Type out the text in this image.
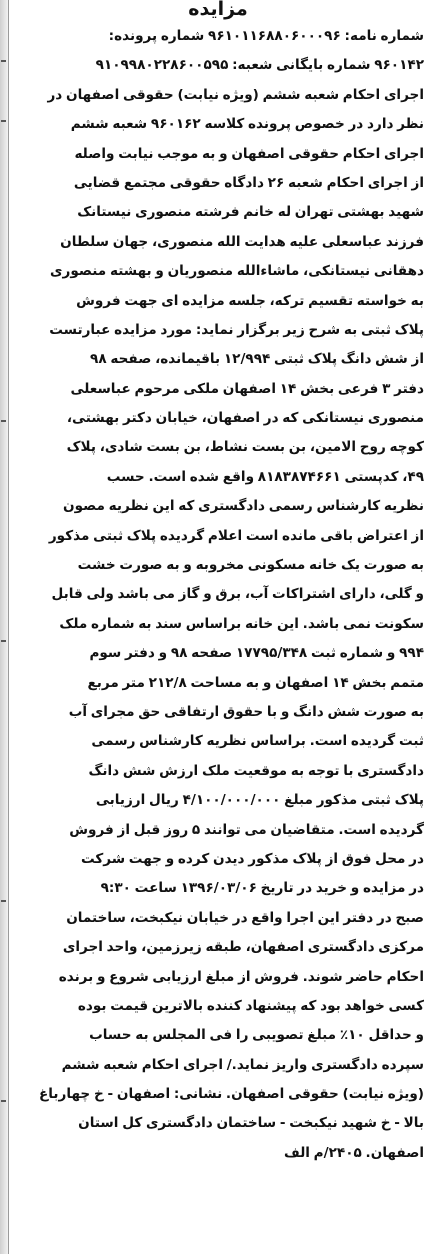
مزایده
شماره نامه: ۹۶۱۰۱۱۶۸۸۰۶۰۰۰۹۶ شماره پرونده:
۹۶۰۱۴۲ شماره بایگانی شعبه: ۹۱۰۹۹۸۰۲۲۸۶۰۰۵۹۵
اجرای احکام شعبه ششم (ویژه نیابت) حقوقی اصفهان در
نظر دارد در خصوص پرونده کلاسه ۹۶۰۱۶۲ شعبه ششم
اجرای احکام حقوقی اصفهان و به موجب نیابت واصله
از اجرای احکام شعبه ۲۶ دادگاه حقوقی مجتمع قضایی
شهید بهشتی تهران له خانم فرشته منصوری نیستانک
فرزند عباسعلی علیه هدایت الله منصوری، جهان سلطان
دهقانی نیستانکی، ماشاءالله منصوریان و بهشته منصوری
به خواسته تقسیم ترکه، جلسه مزایده ای جهت فروش
پلاک ثبتی به شرح زیر برگزار نماید: مورد مزایده عبارتست
از شش دانگ پلاک ثبتی ۱۲/۹۹۴ باقیمانده، صفحه ۹۸
دفتر ۳ فرعی بخش ۱۴ اصفهان ملکی مرحوم عباسعلی
منصوری نیستانکی که در اصفهان، خیابان دکتر بهشتی،
کوچه روح الامین، بن بست نشاط، بن بست شادی، پلاک
۴۹، کدپستی ۸۱۸۳۸۷۴۶۶۱ واقع شده است. حسب
نظریه کارشناس رسمی دادگستری که این نظریه مصون
از اعتراض باقی مانده است اعلام گردیده پلاک ثبتی مذکور
به صورت یک خانه مسکونی مخروبه و به صورت خشت
و گلی، دارای اشتراکات آب، برق و گاز می باشد ولی قابل
سکونت نمی باشد. این خانه براساس سند به شماره ملک
۹۹۴ و شماره ثبت ۱۷۷۹۵/۳۴۸ صفحه ۹۸ و دفتر سوم
متمم بخش ۱۴ اصفهان و به مساحت ۲۱۲/۸ متر مربع
به صورت شش دانگ و با حقوق ارتفاقی حق مجرای آب
ثبت گردیده است. براساس نظریه کارشناس رسمی
دادگستری با توجه به موقعیت ملک ارزش شش دانگ
پلاک ثبتی مذکور مبلغ ۴/۱۰۰/۰۰۰/۰۰۰ ریال ارزیابی
گردیده است. متقاضیان می توانند ۵ روز قبل از فروش
در محل فوق از پلاک مذکور دیدن کرده و جهت شرکت
در مزایده و خرید در تاریخ ۱۳۹۶/۰۳/۰۶ ساعت ۹:۳۰
صبح در دفتر این اجرا واقع در خیابان نیکبخت، ساختمان
مرکزی دادگستری اصفهان، طبقه زیرزمین، واحد اجرای
احکام حاضر شوند. فروش از مبلغ ارزیابی شروع و برنده
کسی خواهد بود که پیشنهاد کننده بالاترین قیمت بوده
و حداقل ۱۰٪ مبلغ تصویبی را فی المجلس به حساب
سپرده دادگستری واریز نماید./ اجرای احکام شعبه ششم
(ویژه نیابت) حقوقی اصفهان. نشانی: اصفهان - خ چهارباغ
بالا - خ شهید نیکبخت - ساختمان دادگستری کل استان
اصفهان. ۲۴۰۵/م الف
